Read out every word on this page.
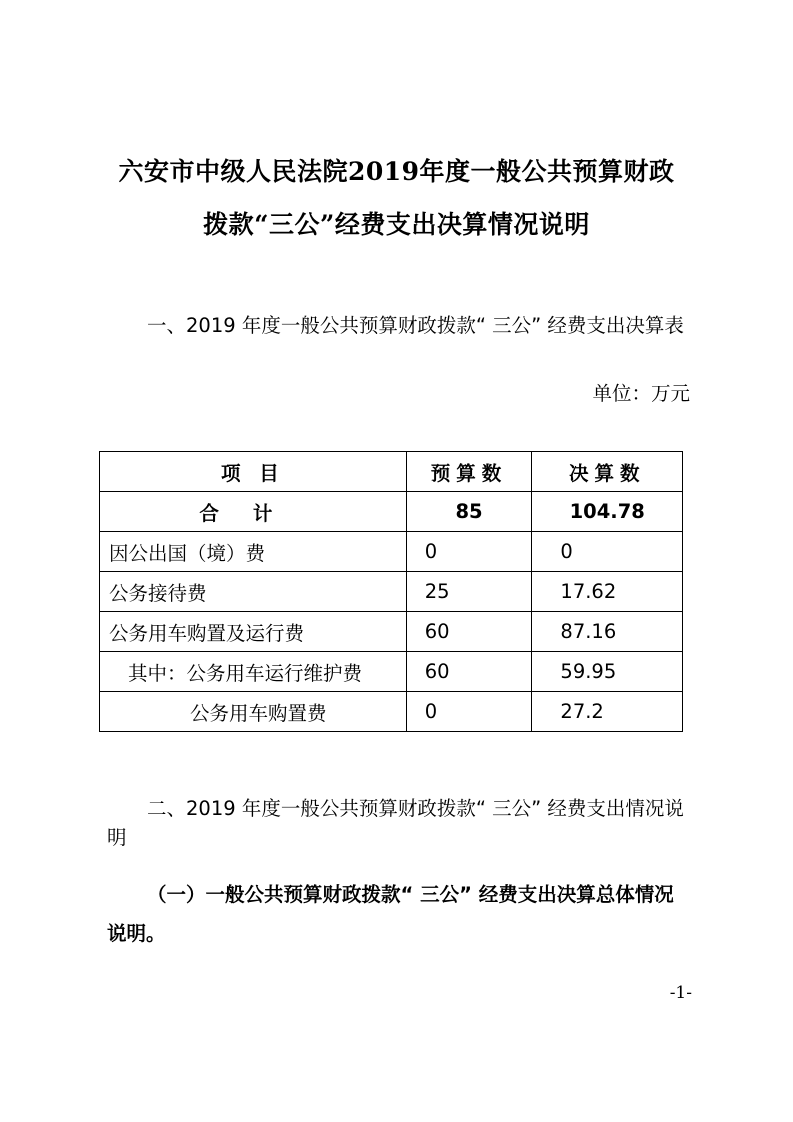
六安市中级人民法院2019年度一般公共预算财政
拨款“三公”经费支出决算情况说明
一、2019 年度一般公共预算财政拨款“ 三公” 经费支出决算表
单位：万元
项 目	预算数	决算数
合计	85	104.78
因公出国（境）费	0	0
公务接待费	25	17.62
公务用车购置及运行费	60	87.16
其中：公务用车运行维护费	60	59.95
公务用车购置费	0	27.2
二、2019 年度一般公共预算财政拨款“ 三公” 经费支出情况说明
（一）一般公共预算财政拨款“ 三公” 经费支出决算总体情况说明。
-1-
